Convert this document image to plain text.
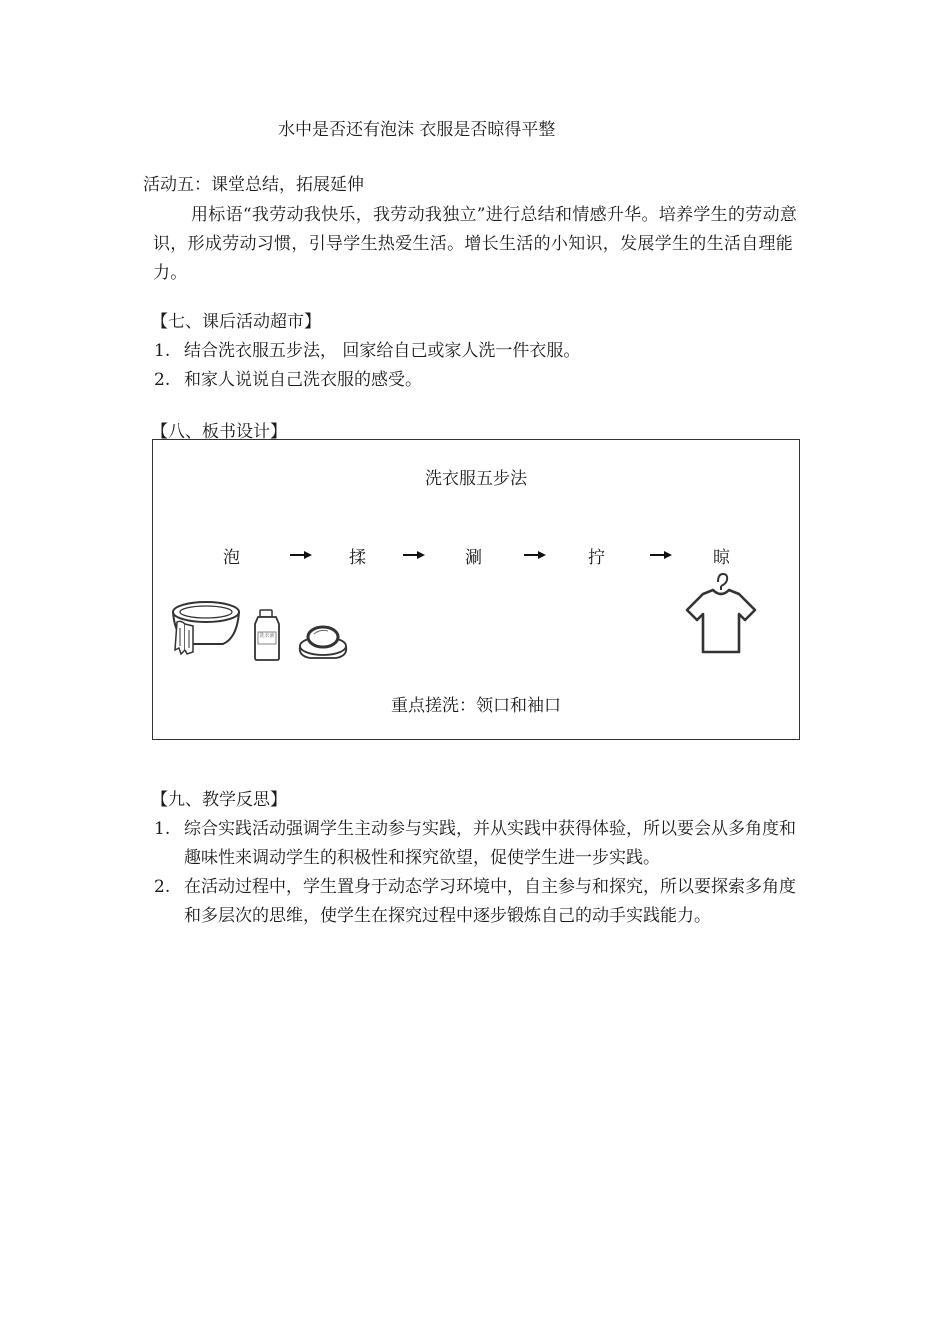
水中是否还有泡沫 衣服是否晾得平整
活动五：课堂总结，拓展延伸
用标语“我劳动我快乐，我劳动我独立”进行总结和情感升华。培养学生的劳动意识，形成劳动习惯，引导学生热爱生活。增长生活的小知识，发展学生的生活自理能力。
【七、课后活动超市】
1. 结合洗衣服五步法， 回家给自己或家人洗一件衣服。
2. 和家人说说自己洗衣服的感受。
【八、板书设计】
洗衣服五步法
泡	揉	涮	拧	晾
洗衣液
重点搓洗：领口和袖口
【九、教学反思】
1. 综合实践活动强调学生主动参与实践，并从实践中获得体验，所以要会从多角度和趣味性来调动学生的积极性和探究欲望，促使学生进一步实践。
2. 在活动过程中，学生置身于动态学习环境中，自主参与和探究，所以要探索多角度和多层次的思维，使学生在探究过程中逐步锻炼自己的动手实践能力。
